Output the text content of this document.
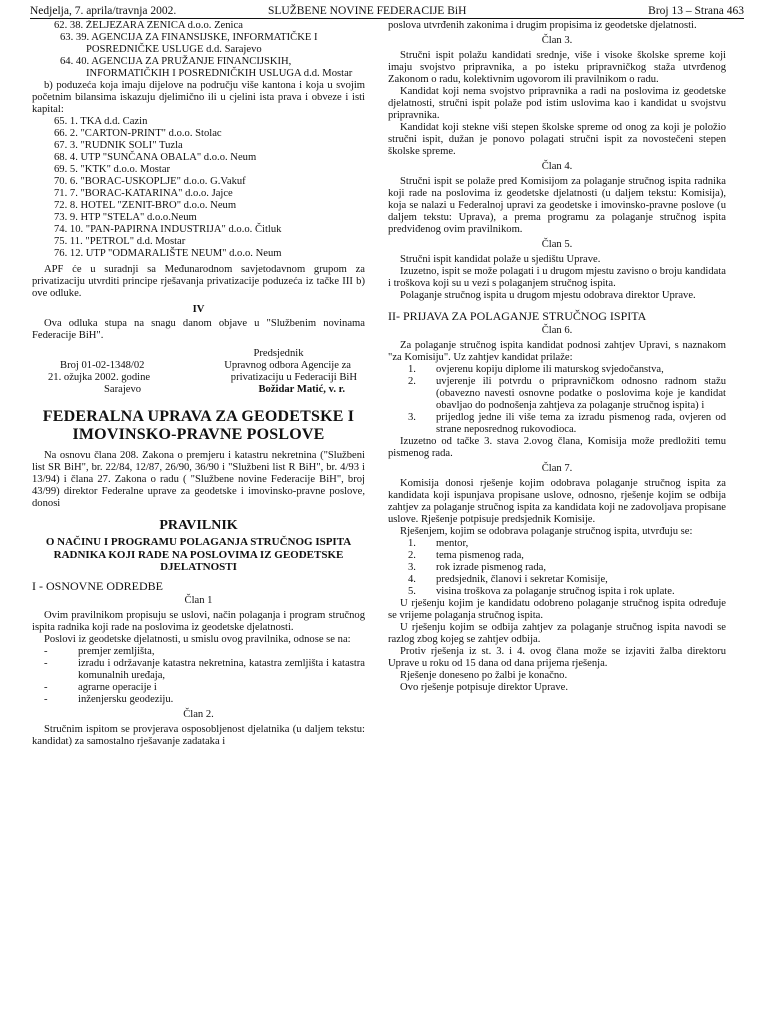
Nedjelja, 7. aprila/travnja 2002.	SLUŽBENE NOVINE FEDERACIJE BiH	Broj 13 – Strana 463
62. 38. ŽELJEZARA ZENICA d.o.o. Zenica
63. 39. AGENCIJA ZA FINANSIJSKE, INFORMATIČKE I POSREDNIČKE USLUGE d.d. Sarajevo
64. 40. AGENCIJA ZA PRUŽANJE FINANCIJSKIH, INFORMATIČKIH I POSREDNIČKIH USLUGA d.d. Mostar

b) poduzeća koja imaju dijelove na području više kantona i koja u svojim početnim bilansima iskazuju djelimično ili u cjelini ista prava i obveze i isti kapital:

65. 1. TKA d.d. Cazin
66. 2. "CARTON-PRINT" d.o.o. Stolac
67. 3. "RUDNIK SOLI" Tuzla
68. 4. UTP "SUNČANA OBALA" d.o.o. Neum
69. 5. "KTK" d.o.o. Mostar
70. 6. "BORAC-USKOPLJE" d.o.o. G.Vakuf
71. 7. "BORAC-KATARINA" d.o.o. Jajce
72. 8. HOTEL "ZENIT-BRO" d.o.o. Neum
73. 9. HTP "STELA" d.o.o.Neum
74. 10. "PAN-PAPIRNA INDUSTRIJA" d.o.o. Čitluk
75. 11. "PETROL" d.d. Mostar
76. 12. UTP "ODMARALIŠTE NEUM" d.o.o. Neum

APF će u suradnji sa Međunarodnom savjetodavnom grupom za privatizaciju utvrditi principe rješavanja privatizacije poduzeća iz tačke III b) ove odluke.

IV

Ova odluka stupa na snagu danom objave u "Službenim novinama Federacije BiH".

Predsjednik
Broj 01-02-1348/02	Upravnog odbora Agencije za
21. ožujka 2002. godine	privatizaciju u Federaciji BiH
Sarajevo	Božidar Matić, v. r.
FEDERALNA UPRAVA ZA GEODETSKE I IMOVINSKO-PRAVNE POSLOVE

Na osnovu člana 208. Zakona o premjeru i katastru nekretnina ("Službeni list SR BiH", br. 22/84, 12/87, 26/90, 36/90 i "Službeni list R BiH", br. 4/93 i 13/94) i člana 27. Zakona o radu ( "Službene novine Federacije BiH", broj 43/99) direktor Federalne uprave za geodetske i imovinsko-pravne poslove, donosi

PRAVILNIK
O NAČINU I PROGRAMU POLAGANJA STRUČNOG ISPITA RADNIKA KOJI RADE NA POSLOVIMA IZ GEODETSKE DJELATNOSTI
I - OSNOVNE ODREDBE
Član 1

Ovim pravilnikom propisuju se uslovi, način polaganja i program stručnog ispita radnika koji rade na poslovima iz geodetske djelatnosti.

Poslovi iz geodetske djelatnosti, u smislu ovog pravilnika, odnose se na:

-	premjer zemljišta,
-	izradu i održavanje katastra nekretnina, katastra zemljišta i katastra komunalnih uređaja,
-	agrarne operacije i
-	inženjersku geodeziju.
Član 2.

Stručnim ispitom se provjerava osposobljenost djelatnika (u daljem tekstu: kandidat) za samostalno rješavanje zadataka i

poslova utvrđenih zakonima i drugim propisima iz geodetske djelatnosti.

Član 3.

Stručni ispit polažu kandidati srednje, više i visoke školske spreme koji imaju svojstvo pripravnika, a po isteku pripravničkog staža utvrđenog Zakonom o radu, kolektivnim ugovorom ili pravilnikom o radu.

Kandidat koji nema svojstvo pripravnika a radi na poslovima iz geodetske djelatnosti, stručni ispit polaže pod istim uslovima kao i kandidat u svojstvu pripravnika.

Kandidat koji stekne viši stepen školske spreme od onog za koji je položio stručni ispit, dužan je ponovo polagati stručni ispit za novostečeni stepen školske spreme.

Član 4.

Stručni ispit se polaže pred Komisijom za polaganje stručnog ispita radnika koji rade na poslovima iz geodetske djelatnosti (u daljem tekstu: Komisija), koja se nalazi u Federalnoj upravi za geodetske i imovinsko-pravne poslove (u daljem tekstu: Uprava), a prema programu za polaganje stručnog ispita predviđenog ovim pravilnikom.

Član 5.

Stručni ispit kandidat polaže u sjedištu Uprave.

Izuzetno, ispit se može polagati i u drugom mjestu zavisno o broju kandidata i troškova koji su u vezi s polaganjem stručnog ispita.

Polaganje stručnog ispita u drugom mjestu odobrava direktor Uprave.

II- PRIJAVA ZA POLAGANJE STRUČNOG ISPITA
Član 6.

Za polaganje stručnog ispita kandidat podnosi zahtjev Upravi, s naznakom "za Komisiju". Uz zahtjev kandidat prilaže:

1. ovjerenu kopiju diplome ili maturskog svjedočanstva,
2. uvjerenje ili potvrdu o pripravničkom odnosno radnom stažu (obavezno navesti osnovne podatke o poslovima koje je kandidat obavljao do podnošenja zahtjeva za polaganje stručnog ispita) i
3. prijedlog jedne ili više tema za izradu pismenog rada, ovjeren od strane neposrednog rukovodioca.

Izuzetno od tačke 3. stava 2.ovog člana, Komisija može predložiti temu pismenog rada.

Član 7.

Komisija donosi rješenje kojim odobrava polaganje stručnog ispita za kandidata koji ispunjava propisane uslove, odnosno, rješenje kojim se odbija zahtjev za polaganje stručnog ispita za kandidata koji ne zadovoljava propisane uslove. Rješenje potpisuje predsjednik Komisije.

Rješenjem, kojim se odobrava polaganje stručnog ispita, utvrđuju se:

1. mentor,
2. tema pismenog rada,
3. rok izrade pismenog rada,
4. predsjednik, članovi i sekretar Komisije,
5. visina troškova za polaganje stručnog ispita i rok uplate.

U rješenju kojim je kandidatu odobreno polaganje stručnog ispita određuje se vrijeme polaganja stručnog ispita.

U rješenju kojim se odbija zahtjev za polaganje stručnog ispita navodi se razlog zbog kojeg se zahtjev odbija.

Protiv rješenja iz st. 3. i 4. ovog člana može se izjaviti žalba direktoru Uprave u roku od 15 dana od dana prijema rješenja.

Rješenje doneseno po žalbi je konačno.

Ovo rješenje potpisuje direktor Uprave.
